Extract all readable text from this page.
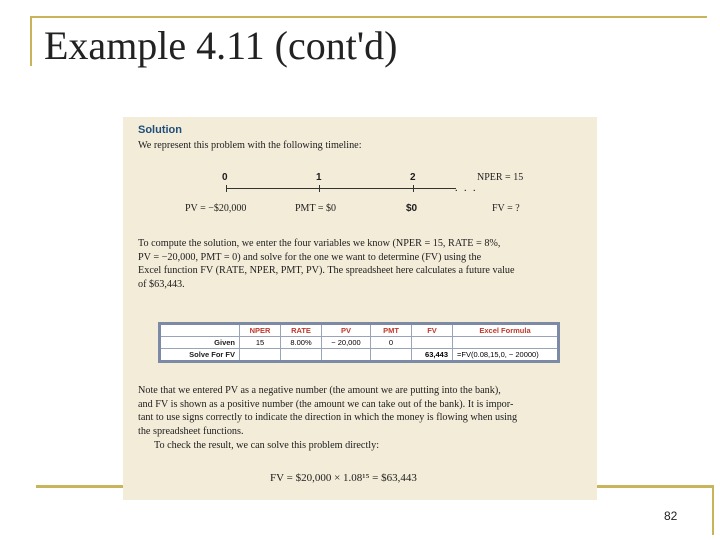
Example 4.11 (cont'd)
Solution
We represent this problem with the following timeline:
0	1	2
. . .
NPER = 15
PV = −$20,000	PMT = $0	$0	FV = ?
To compute the solution, we enter the four variables we know (NPER = 15, RATE = 8%,
PV = −20,000, PMT = 0) and solve for the one we want to determine (FV) using the
Excel function FV (RATE, NPER, PMT, PV). The spreadsheet here calculates a future value
of $63,443.
	NPER	RATE	PV	PMT	FV	Excel Formula
Given	15	8.00%	− 20,000	0		
Solve For FV					63,443	=FV(0.08,15,0, − 20000)
Note that we entered PV as a negative number (the amount we are putting into the bank),
and FV is shown as a positive number (the amount we can take out of the bank). It is impor-
tant to use signs correctly to indicate the direction in which the money is flowing when using
the spreadsheet functions.
To check the result, we can solve this problem directly:
FV = $20,000 × 1.08¹⁵ = $63,443
82
